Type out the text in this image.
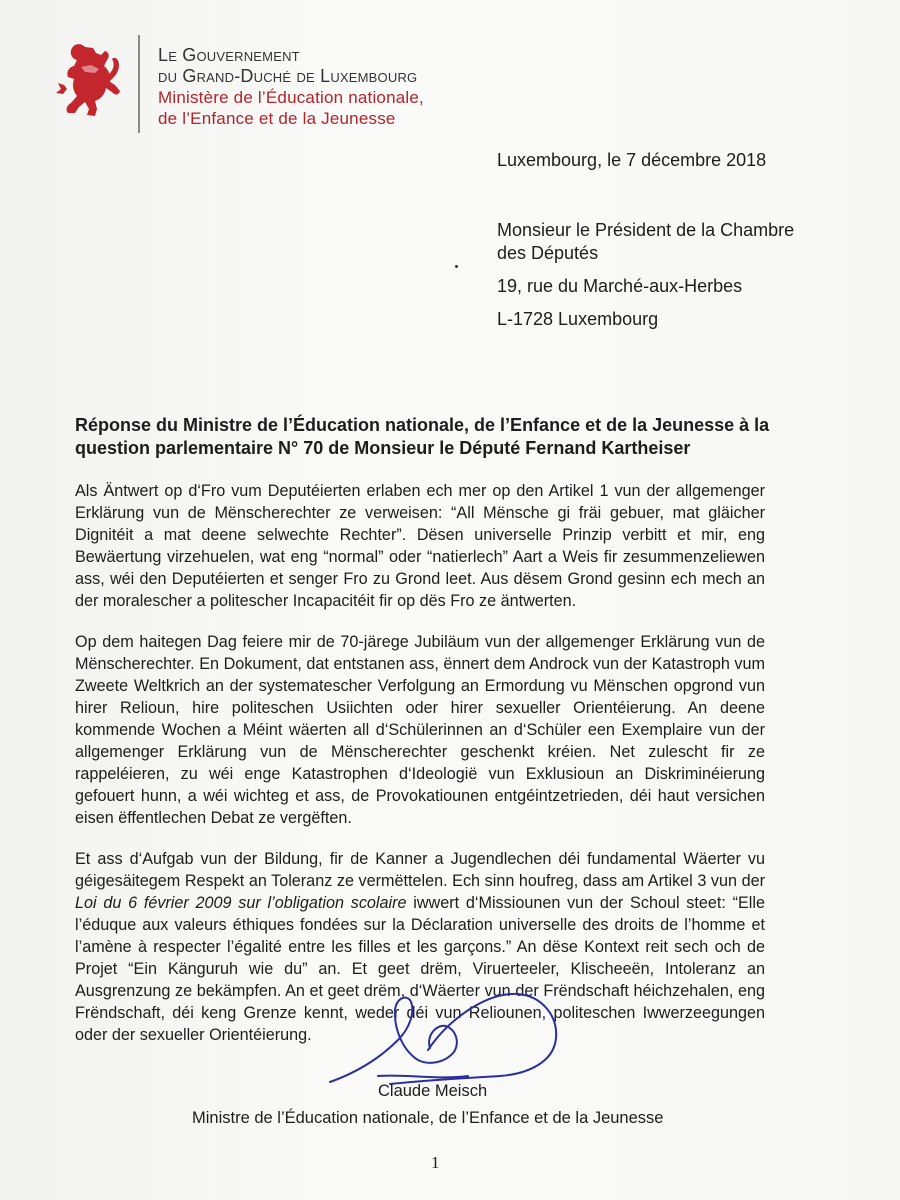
Le Gouvernement
du Grand-Duché de Luxembourg
Ministère de l’Éducation nationale,
de l’Enfance et de la Jeunesse
Luxembourg, le 7 décembre 2018
Monsieur le Président de la Chambre
des Députés
19, rue du Marché-aux-Herbes
L-1728 Luxembourg
Réponse du Ministre de l’Éducation nationale, de l’Enfance et de la Jeunesse à la question parlementaire N° 70 de Monsieur le Député Fernand Kartheiser

Als Äntwert op d‘Fro vum Deputéierten erlaben ech mer op den Artikel 1 vun der allgemenger Erklärung vun de Mënscherechter ze verweisen: “All Mënsche gi fräi gebuer, mat gläicher Dignitéit a mat deene selwechte Rechter”. Dësen universelle Prinzip verbitt et mir, eng Bewäertung virzehuelen, wat eng “normal” oder “natierlech” Aart a Weis fir zesummenzeliewen ass, wéi den Deputéierten et senger Fro zu Grond leet. Aus dësem Grond gesinn ech mech an der moralescher a politescher Incapacitéit fir op dës Fro ze äntwerten.

Op dem haitegen Dag feiere mir de 70-järege Jubiläum vun der allgemenger Erklärung vun de Mënscherechter. En Dokument, dat entstanen ass, ënnert dem Androck vun der Katastroph vum Zweete Weltkrich an der systematescher Verfolgung an Ermordung vu Mënschen opgrond vun hirer Relioun, hire politeschen Usiichten oder hirer sexueller Orientéierung. An deene kommende Wochen a Méint wäerten all d‘Schülerinnen an d‘Schüler een Exemplaire vun der allgemenger Erklärung vun de Mënscherechter geschenkt kréien. Net zulescht fir ze rappeléieren, zu wéi enge Katastrophen d‘Ideologië vun Exklusioun an Diskriminéierung gefouert hunn, a wéi wichteg et ass, de Provokatiounen entgéintzetrieden, déi haut versichen eisen ëffentlechen Debat ze vergëften.

Et ass d‘Aufgab vun der Bildung, fir de Kanner a Jugendlechen déi fundamental Wäerter vu géigesäitegem Respekt an Toleranz ze vermëttelen. Ech sinn houfreg, dass am Artikel 3 vun der Loi du 6 février 2009 sur l’obligation scolaire iwwert d‘Missiounen vun der Schoul steet: “Elle l’éduque aux valeurs éthiques fondées sur la Déclaration universelle des droits de l’homme et l’amène à respecter l’égalité entre les filles et les garçons.” An dëse Kontext reit sech och de Projet “Ein Känguruh wie du” an. Et geet drëm, Viruerteeler, Klischeeën, Intoleranz an Ausgrenzung ze bekämpfen. An et geet drëm, d‘Wäerter vun der Frëndschaft héichzehalen, eng Frëndschaft, déi keng Grenze kennt, weder déi vun Reliounen, politeschen Iwwerzeegungen oder der sexueller Orientéierung.

Claude Meisch
Ministre de l’Éducation nationale, de l’Enfance et de la Jeunesse
1
